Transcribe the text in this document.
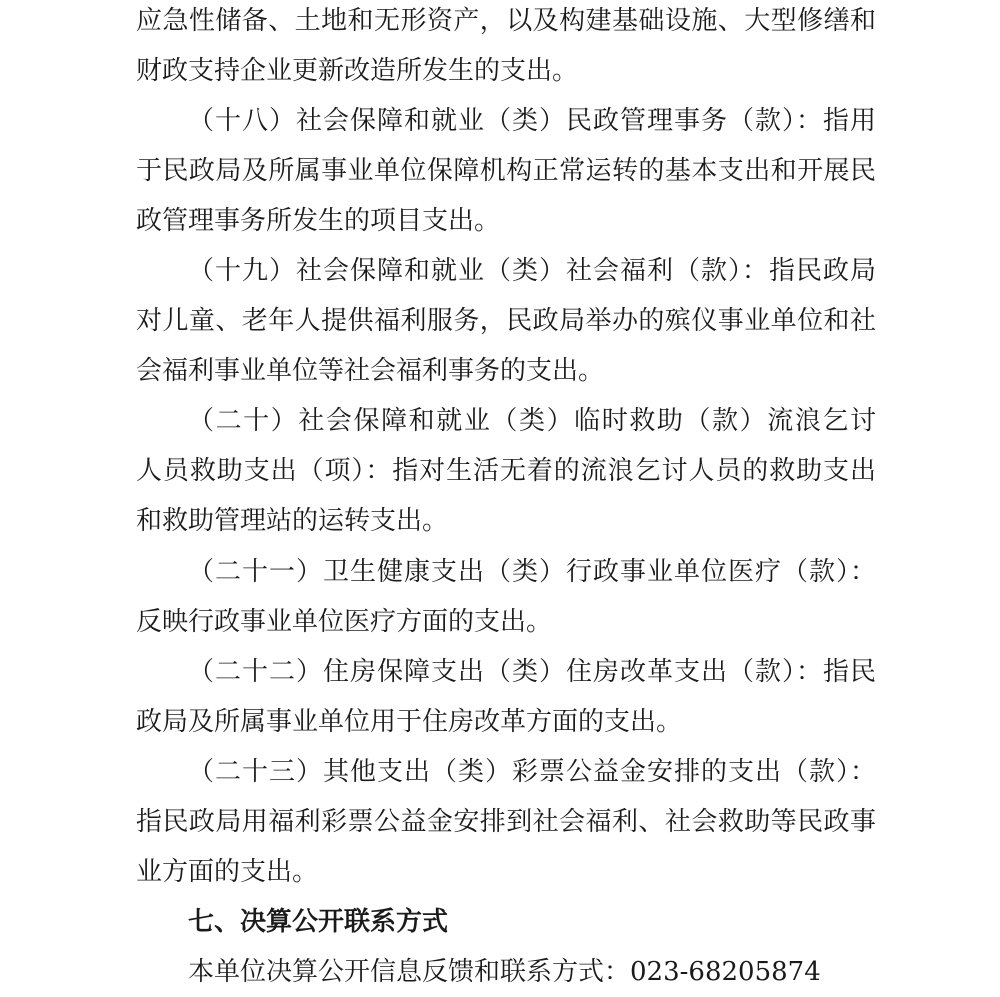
应急性储备、土地和无形资产，以及构建基础设施、大型修缮和
财政支持企业更新改造所发生的支出。
（十八）社会保障和就业（类）民政管理事务（款）：指用
于民政局及所属事业单位保障机构正常运转的基本支出和开展民
政管理事务所发生的项目支出。
（十九）社会保障和就业（类）社会福利（款）：指民政局
对儿童、老年人提供福利服务，民政局举办的殡仪事业单位和社
会福利事业单位等社会福利事务的支出。
（二十）社会保障和就业（类）临时救助（款）流浪乞讨
人员救助支出（项）：指对生活无着的流浪乞讨人员的救助支出
和救助管理站的运转支出。
（二十一）卫生健康支出（类）行政事业单位医疗（款）：
反映行政事业单位医疗方面的支出。
（二十二）住房保障支出（类）住房改革支出（款）：指民
政局及所属事业单位用于住房改革方面的支出。
（二十三）其他支出（类）彩票公益金安排的支出（款）：
指民政局用福利彩票公益金安排到社会福利、社会救助等民政事
业方面的支出。
七、决算公开联系方式
本单位决算公开信息反馈和联系方式：023-68205874
